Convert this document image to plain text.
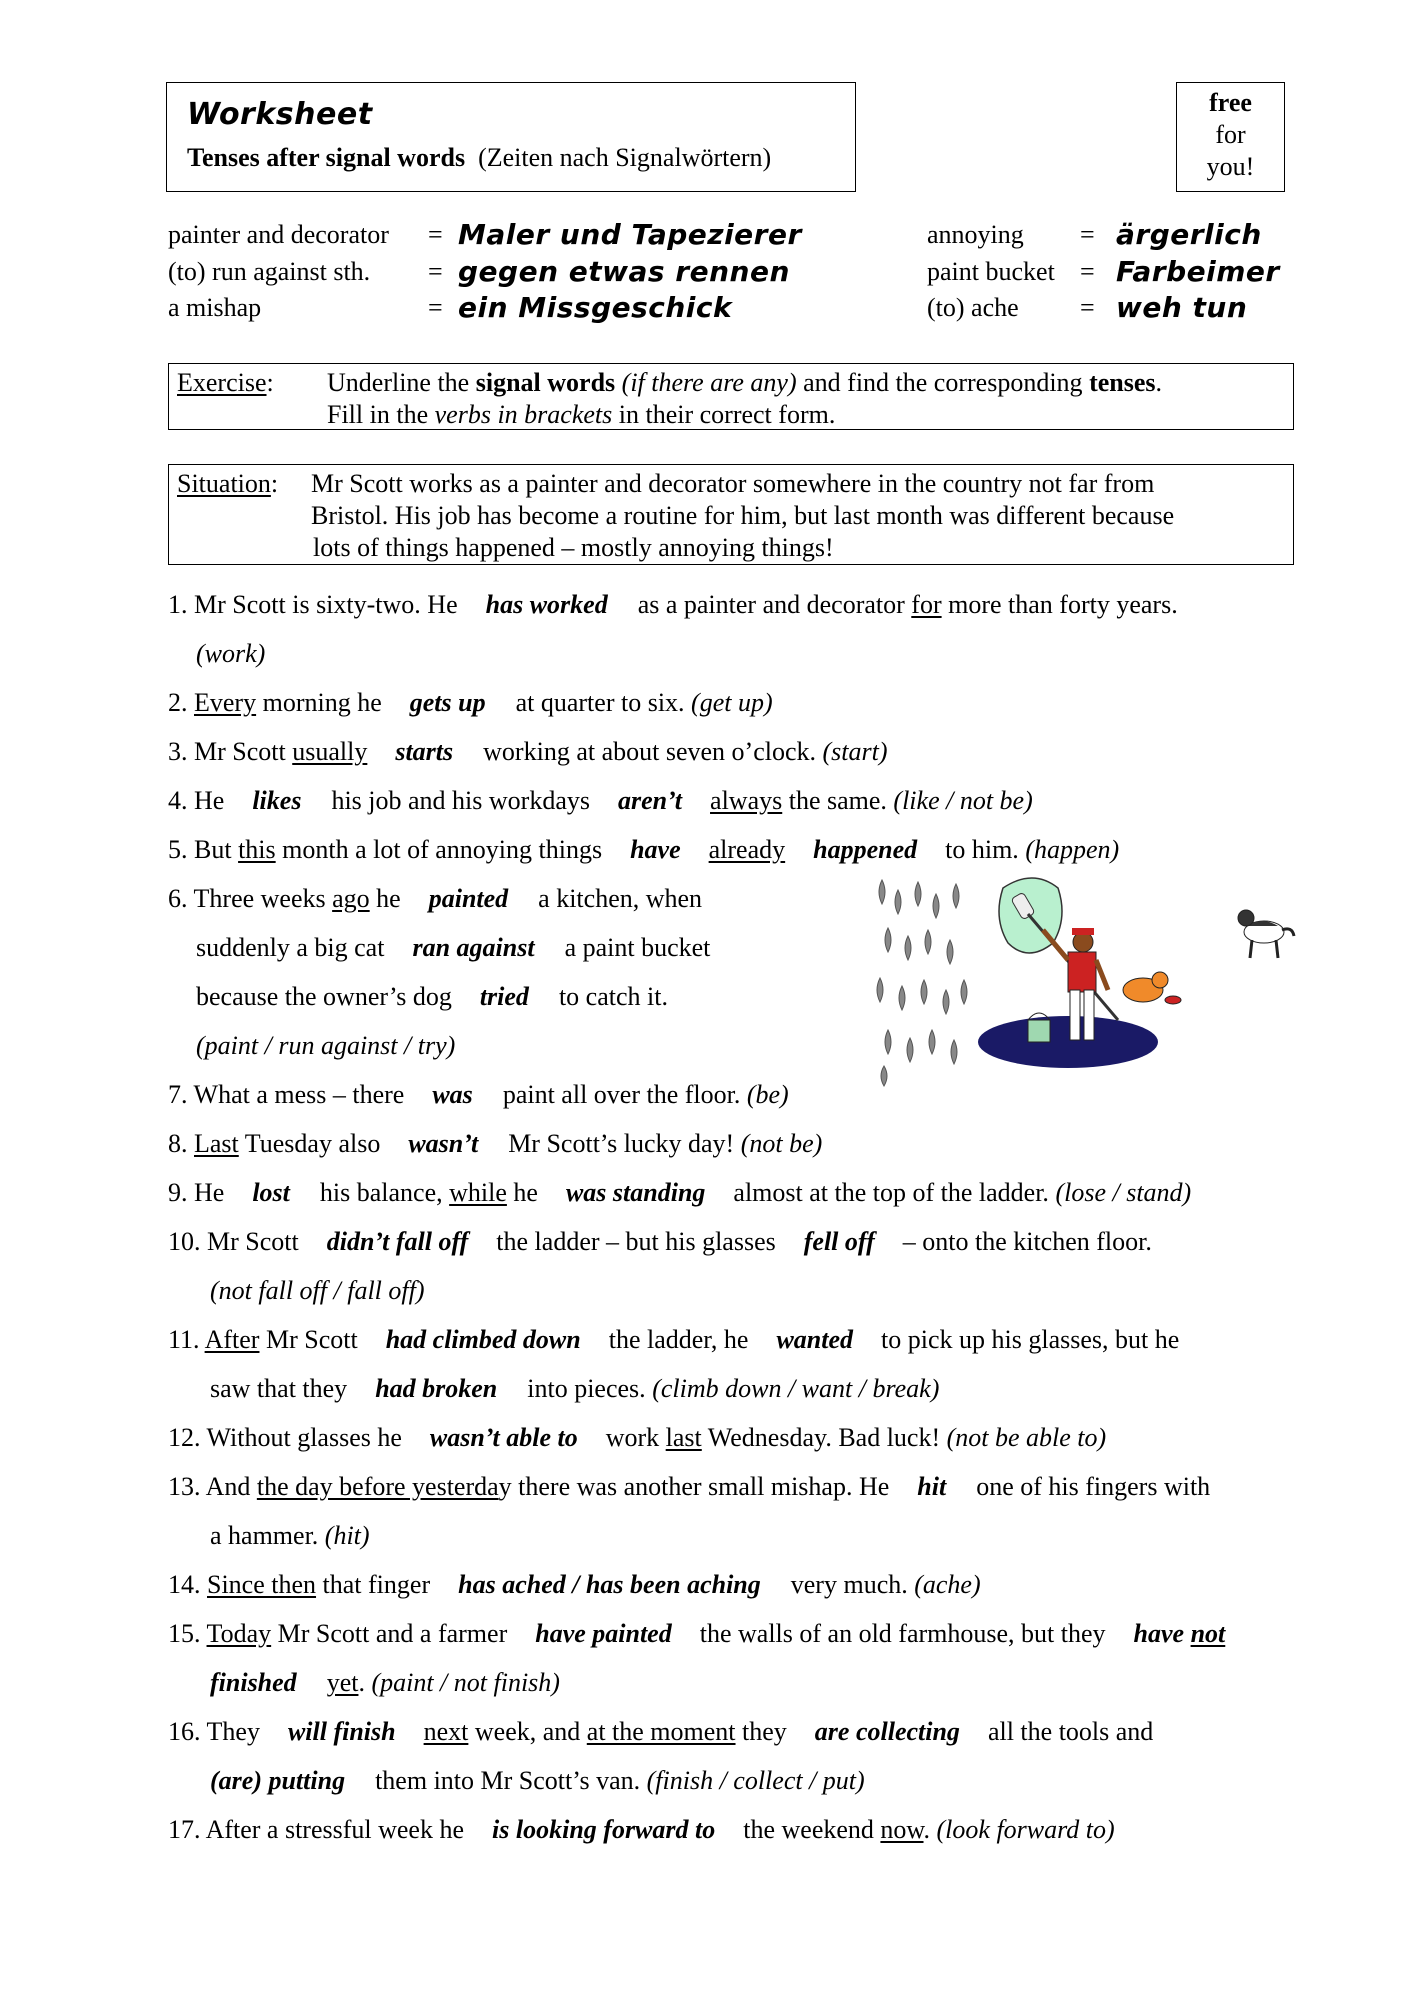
Worksheet
Tenses after signal words (Zeiten nach Signalwörtern)
free
for
you!
painter and decorator = Maler und Tapezierer
(to) run against sth. = gegen etwas rennen
a mishap	= ein Missgeschick
annoying = ärgerlich
paint bucket = Farbeimer
(to) ache = weh tun
Exercise: Underline the signal words (if there are any) and find the corresponding tenses.
Fill in the verbs in brackets in their correct form.
Situation: Mr Scott works as a painter and decorator somewhere in the country not far from
Bristol. His job has become a routine for him, but last month was different because
lots of things happened – mostly annoying things!
1. Mr Scott is sixty-two. He has worked as a painter and decorator for more than forty years.
(work)
2. Every morning he gets up at quarter to six. (get up)
3. Mr Scott usually starts working at about seven o’clock. (start)
4. He likes his job and his workdays aren’t always the same. (like / not be)
5. But this month a lot of annoying things have already happened to him. (happen)
6. Three weeks ago he painted a kitchen, when
suddenly a big cat ran against a paint bucket
because the owner’s dog tried to catch it.
(paint / run against / try)
7. What a mess – there was paint all over the floor. (be)
8. Last Tuesday also wasn’t Mr Scott’s lucky day! (not be)
9. He lost his balance, while he was standing almost at the top of the ladder. (lose / stand)
10. Mr Scott didn’t fall off the ladder – but his glasses fell off – onto the kitchen floor.
(not fall off / fall off)
11. After Mr Scott had climbed down the ladder, he wanted to pick up his glasses, but he
saw that they had broken into pieces. (climb down / want / break)
12. Without glasses he wasn’t able to work last Wednesday. Bad luck! (not be able to)
13. And the day before yesterday there was another small mishap. He hit one of his fingers with
a hammer. (hit)
14. Since then that finger has ached / has been aching very much. (ache)
15. Today Mr Scott and a farmer have painted the walls of an old farmhouse, but they have not
finished yet. (paint / not finish)
16. They will finish next week, and at the moment they are collecting all the tools and
(are) putting them into Mr Scott’s van. (finish / collect / put)
17. After a stressful week he is looking forward to the weekend now. (look forward to)
